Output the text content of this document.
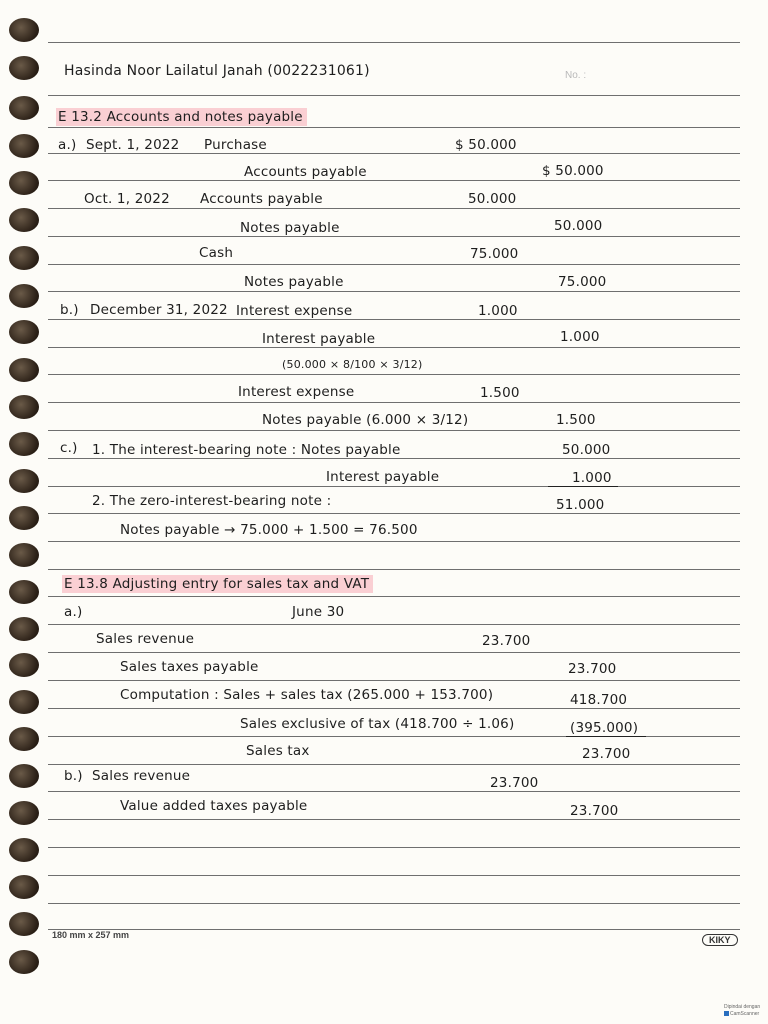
Hasinda Noor Lailatul Janah (0022231061)	No. :
E 13.2 Accounts and notes payable
a.) Sept. 1, 2022 Purchase	$ 50.000
Accounts payable	$ 50.000
Oct. 1, 2022 Accounts payable	50.000
Notes payable	50.000
Cash	75.000
Notes payable	75.000
b.) December 31, 2022 Interest expense	1.000
Interest payable	1.000
(50.000 × 8/100 × 3/12)
Interest expense	1.500
Notes payable (6.000 × 3/12)	1.500
c.) 1. The interest-bearing note : Notes payable	50.000
Interest payable	1.000
2. The zero-interest-bearing note :	51.000
Notes payable → 75.000 + 1.500 = 76.500
E 13.8 Adjusting entry for sales tax and VAT
a.)	June 30
Sales revenue	23.700
Sales taxes payable	23.700
Computation : Sales + sales tax (265.000 + 153.700)	418.700
Sales exclusive of tax (418.700 ÷ 1.06)	(395.000)
Sales tax	23.700
b.) Sales revenue	23.700
Value added taxes payable	23.700
180 mm x 257 mm	KIKY
Dipindai dengan
CamScanner
